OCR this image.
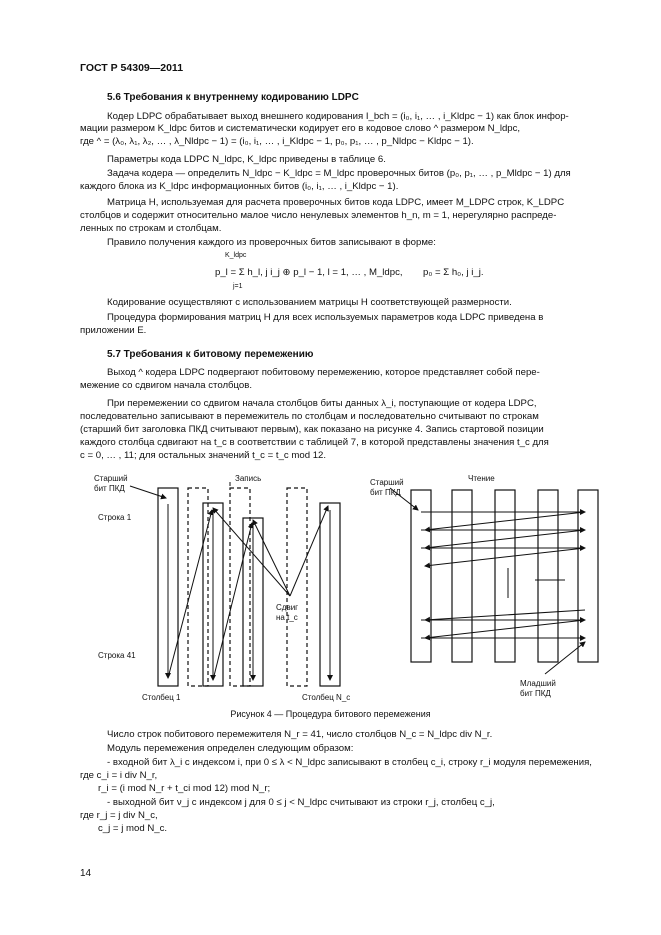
ГОСТ Р 54309—2011
5.6 Требования к внутреннему кодированию LDPC
Кодер LDPC обрабатывает выход внешнего кодирования I_bch = (i₀, i₁, … , i_Kldpc − 1) как блок инфор-
мации размером K_ldpc битов и систематически кодирует его в кодовое слово ^ размером N_ldpc,
где ^ = (λ₀, λ₁, λ₂, … , λ_Nldpc − 1) = (i₀, i₁, … , i_Kldpc − 1, p₀, p₁, … , p_Nldpc − Kldpc − 1).
Параметры кода LDPC N_ldpc, K_ldpc приведены в таблице 6.
Задача кодера — определить N_ldpc − K_ldpc = M_ldpc проверочных битов (p₀, p₁, … , p_Mldpc − 1) для
каждого блока из K_ldpc информационных битов (i₀, i₁, … , i_Kldpc − 1).
Матрица H, используемая для расчета проверочных битов кода LDPC, имеет M_LDPC строк, K_LDPC
столбцов и содержит относительно малое число ненулевых элементов h_n, m = 1, нерегулярно распреде-
ленных по строкам и столбцам.
Правило получения каждого из проверочных битов записывают в форме:
K_ldpc
p_l = Σ h_l, j i_j ⊕ p_l − 1, l = 1, … , M_ldpc,
j=1
p₀ = Σ h₀, j i_j.
Кодирование осуществляют с использованием матрицы H соответствующей размерности.
Процедура формирования матриц H для всех используемых параметров кода LDPC приведена в
приложении Е.
5.7 Требования к битовому перемежению
Выход ^ кодера LDPC подвергают побитовому перемежению, которое представляет собой пере-
межение со сдвигом начала столбцов.
При перемежении со сдвигом начала столбцов биты данных λ_i, поступающие от кодера LDPC,
последовательно записывают в перемежитель по столбцам и последовательно считывают по строкам
(старший бит заголовка ПКД считывают первым), как показано на рисунке 4. Запись стартовой позиции
каждого столбца сдвигают на t_c в соответствии с таблицей 7, в которой представлены значения t_c для
c = 0, … , 11; для остальных значений t_c = t_c mod 12.
Запись	Чтение
Старший
бит ПКД
Старший
бит ПКД
Строка 1
Строка 41
Сдвиг
на t_c
Столбец 1	Столбец N_c
Младший
бит ПКД
Рисунок 4 — Процедура битового перемежения
Число строк побитового перемежителя N_r = 41, число столбцов N_c = N_ldpc div N_r.
Модуль перемежения определен следующим образом:
- входной бит λ_i с индексом i, при 0 ≤ λ < N_ldpc записывают в столбец c_i, строку r_i модуля перемежения,
где c_i = i div N_r,
r_i = (i mod N_r + t_ci mod 12) mod N_r;
- выходной бит ν_j с индексом j для 0 ≤ j < N_ldpc считывают из строки r_j, столбец c_j,
где r_j = j div N_c,
c_j = j mod N_c.
14
